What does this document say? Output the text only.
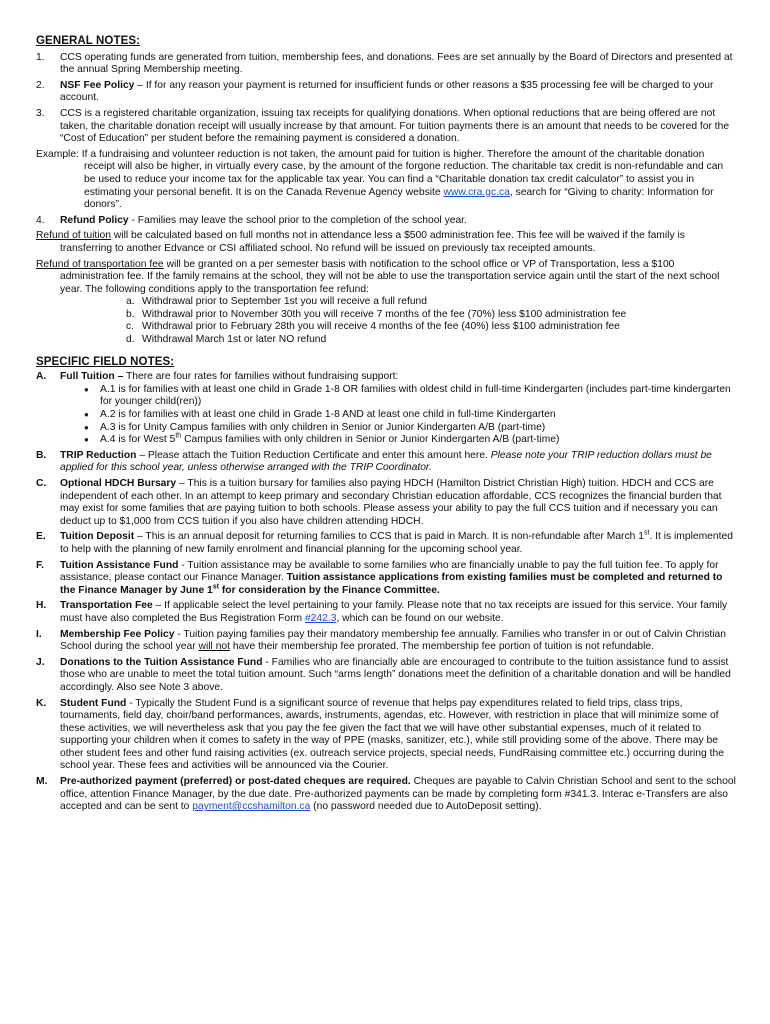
GENERAL NOTES:
1. CCS operating funds are generated from tuition, membership fees, and donations. Fees are set annually by the Board of Directors and presented at the annual Spring Membership meeting.
2. NSF Fee Policy – If for any reason your payment is returned for insufficient funds or other reasons a $35 processing fee will be charged to your account.
3. CCS is a registered charitable organization, issuing tax receipts for qualifying donations. When optional reductions that are being offered are not taken, the charitable donation receipt will usually increase by that amount. For tuition payments there is an amount that needs to be covered for the “Cost of Education” per student before the remaining payment is considered a donation.
Example: If a fundraising and volunteer reduction is not taken, the amount paid for tuition is higher. Therefore the amount of the charitable donation receipt will also be higher, in virtually every case, by the amount of the forgone reduction. The charitable tax credit is non-refundable and can be used to reduce your income tax for the applicable tax year. You can find a “Charitable donation tax credit calculator” to assist you in estimating your personal benefit. It is on the Canada Revenue Agency website www.cra.gc.ca, search for “Giving to charity: Information for donors”.
4. Refund Policy - Families may leave the school prior to the completion of the school year.
Refund of tuition will be calculated based on full months not in attendance less a $500 administration fee. This fee will be waived if the family is transferring to another Edvance or CSI affiliated school. No refund will be issued on previously tax receipted amounts.
Refund of transportation fee will be granted on a per semester basis with notification to the school office or VP of Transportation, less a $100 administration fee. If the family remains at the school, they will not be able to use the transportation service again until the start of the next school year. The following conditions apply to the transportation fee refund:
a. Withdrawal prior to September 1st you will receive a full refund
b. Withdrawal prior to November 30th you will receive 7 months of the fee (70%) less $100 administration fee
c. Withdrawal prior to February 28th you will receive 4 months of the fee (40%) less $100 administration fee
d. Withdrawal March 1st or later NO refund
SPECIFIC FIELD NOTES:
A. Full Tuition – There are four rates for families without fundraising support:
● A.1 is for families with at least one child in Grade 1-8 OR families with oldest child in full-time Kindergarten (includes part-time kindergarten for younger child(ren))
● A.2 is for families with at least one child in Grade 1-8 AND at least one child in full-time Kindergarten
● A.3 is for Unity Campus families with only children in Senior or Junior Kindergarten A/B (part-time)
● A.4 is for West 5th Campus families with only children in Senior or Junior Kindergarten A/B (part-time)
B. TRIP Reduction – Please attach the Tuition Reduction Certificate and enter this amount here. Please note your TRIP reduction dollars must be applied for this school year, unless otherwise arranged with the TRIP Coordinator.
C. Optional HDCH Bursary – This is a tuition bursary for families also paying HDCH (Hamilton District Christian High) tuition. HDCH and CCS are independent of each other. In an attempt to keep primary and secondary Christian education affordable, CCS recognizes the financial burden that may exist for some families that are paying tuition to both schools. Please assess your ability to pay the full CCS tuition and if necessary you can deduct up to $1,000 from CCS tuition if you also have children attending HDCH.
E. Tuition Deposit – This is an annual deposit for returning families to CCS that is paid in March. It is non-refundable after March 1st. It is implemented to help with the planning of new family enrolment and financial planning for the upcoming school year.
F. Tuition Assistance Fund - Tuition assistance may be available to some families who are financially unable to pay the full tuition fee. To apply for assistance, please contact our Finance Manager. Tuition assistance applications from existing families must be completed and returned to the Finance Manager by June 1st for consideration by the Finance Committee.
H. Transportation Fee – If applicable select the level pertaining to your family. Please note that no tax receipts are issued for this service. Your family must have also completed the Bus Registration Form #242.3, which can be found on our website.
I. Membership Fee Policy - Tuition paying families pay their mandatory membership fee annually. Families who transfer in or out of Calvin Christian School during the school year will not have their membership fee prorated. The membership fee portion of tuition is not refundable.
J. Donations to the Tuition Assistance Fund - Families who are financially able are encouraged to contribute to the tuition assistance fund to assist those who are unable to meet the total tuition amount. Such “arms length” donations meet the definition of a charitable donation and will be handled accordingly. Also see Note 3 above.
K. Student Fund - Typically the Student Fund is a significant source of revenue that helps pay expenditures related to field trips, class trips, tournaments, field day, choir/band performances, awards, instruments, agendas, etc. However, with restriction in place that will minimize some of these activities, we will nevertheless ask that you pay the fee given the fact that we will have other substantial expenses, much of it related to supporting your children when it comes to safety in the way of PPE (masks, sanitizer, etc.), while still providing some of the above. There may be other student fees and other fund raising activities (ex. outreach service projects, special needs, FundRaising committee etc.) occurring during the school year. These fees and activities will be announced via the Courier.
M. Pre-authorized payment (preferred) or post-dated cheques are required. Cheques are payable to Calvin Christian School and sent to the school office, attention Finance Manager, by the due date. Pre-authorized payments can be made by completing form #341.3. Interac e-Transfers are also accepted and can be sent to payment@ccshamilton.ca (no password needed due to AutoDeposit setting).
